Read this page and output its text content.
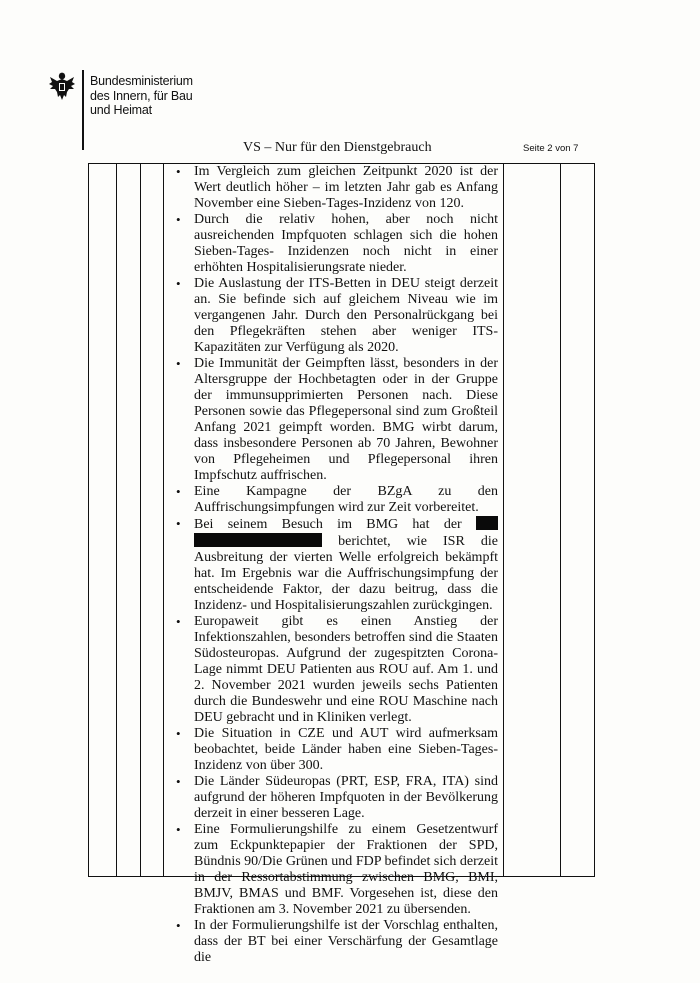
Bundesministerium
des Innern, für Bau
und Heimat
VS – Nur für den Dienstgebrauch	Seite 2 von 7

• Im Vergleich zum gleichen Zeitpunkt 2020 ist der Wert deutlich höher – im letzten Jahr gab es Anfang November eine Sieben-Tages-Inzidenz von 120.

• Durch die relativ hohen, aber noch nicht ausreichenden Impfquoten schlagen sich die hohen Sieben-Tages- Inzidenzen noch nicht in einer erhöhten Hospitalisierungsrate nieder.

• Die Auslastung der ITS-Betten in DEU steigt derzeit an. Sie befinde sich auf gleichem Niveau wie im vergangenen Jahr. Durch den Personalrückgang bei den Pflegekräften stehen aber weniger ITS-Kapazitäten zur Verfügung als 2020.

• Die Immunität der Geimpften lässt, besonders in der Altersgruppe der Hochbetagten oder in der Gruppe der immunsupprimierten Personen nach. Diese Personen sowie das Pflegepersonal sind zum Großteil Anfang 2021 geimpft worden. BMG wirbt darum, dass insbesondere Personen ab 70 Jahren, Bewohner von Pflegeheimen und Pflegepersonal ihren Impfschutz auffrischen.

• Eine Kampagne der BZgA zu den Auffrischungsimpfungen wird zur Zeit vorbereitet.

• Bei seinem Besuch im BMG hat der   berichtet, wie ISR die Ausbreitung der vierten Welle erfolgreich bekämpft hat. Im Ergebnis war die Auffrischungsimpfung der entscheidende Faktor, der dazu beitrug, dass die Inzidenz- und Hospitalisierungszahlen zurückgingen.

• Europaweit gibt es einen Anstieg der Infektionszahlen, besonders betroffen sind die Staaten Südosteuropas. Aufgrund der zugespitzten Corona-Lage nimmt DEU Patienten aus ROU auf. Am 1. und 2. November 2021 wurden jeweils sechs Patienten durch die Bundeswehr und eine ROU Maschine nach DEU gebracht und in Kliniken verlegt.

• Die Situation in CZE und AUT wird aufmerksam beobachtet, beide Länder haben eine Sieben-Tages- Inzidenz von über 300.

• Die Länder Südeuropas (PRT, ESP, FRA, ITA) sind aufgrund der höheren Impfquoten in der Bevölkerung derzeit in einer besseren Lage.

• Eine Formulierungshilfe zu einem Gesetzentwurf zum Eckpunktepapier der Fraktionen der SPD, Bündnis 90/Die Grünen und FDP befindet sich derzeit in der Ressortabstimmung zwischen BMG, BMI, BMJV, BMAS und BMF. Vorgesehen ist, diese den Fraktionen am 3. November 2021 zu übersenden.

• In der Formulierungshilfe ist der Vorschlag enthalten, dass der BT bei einer Verschärfung der Gesamtlage die
